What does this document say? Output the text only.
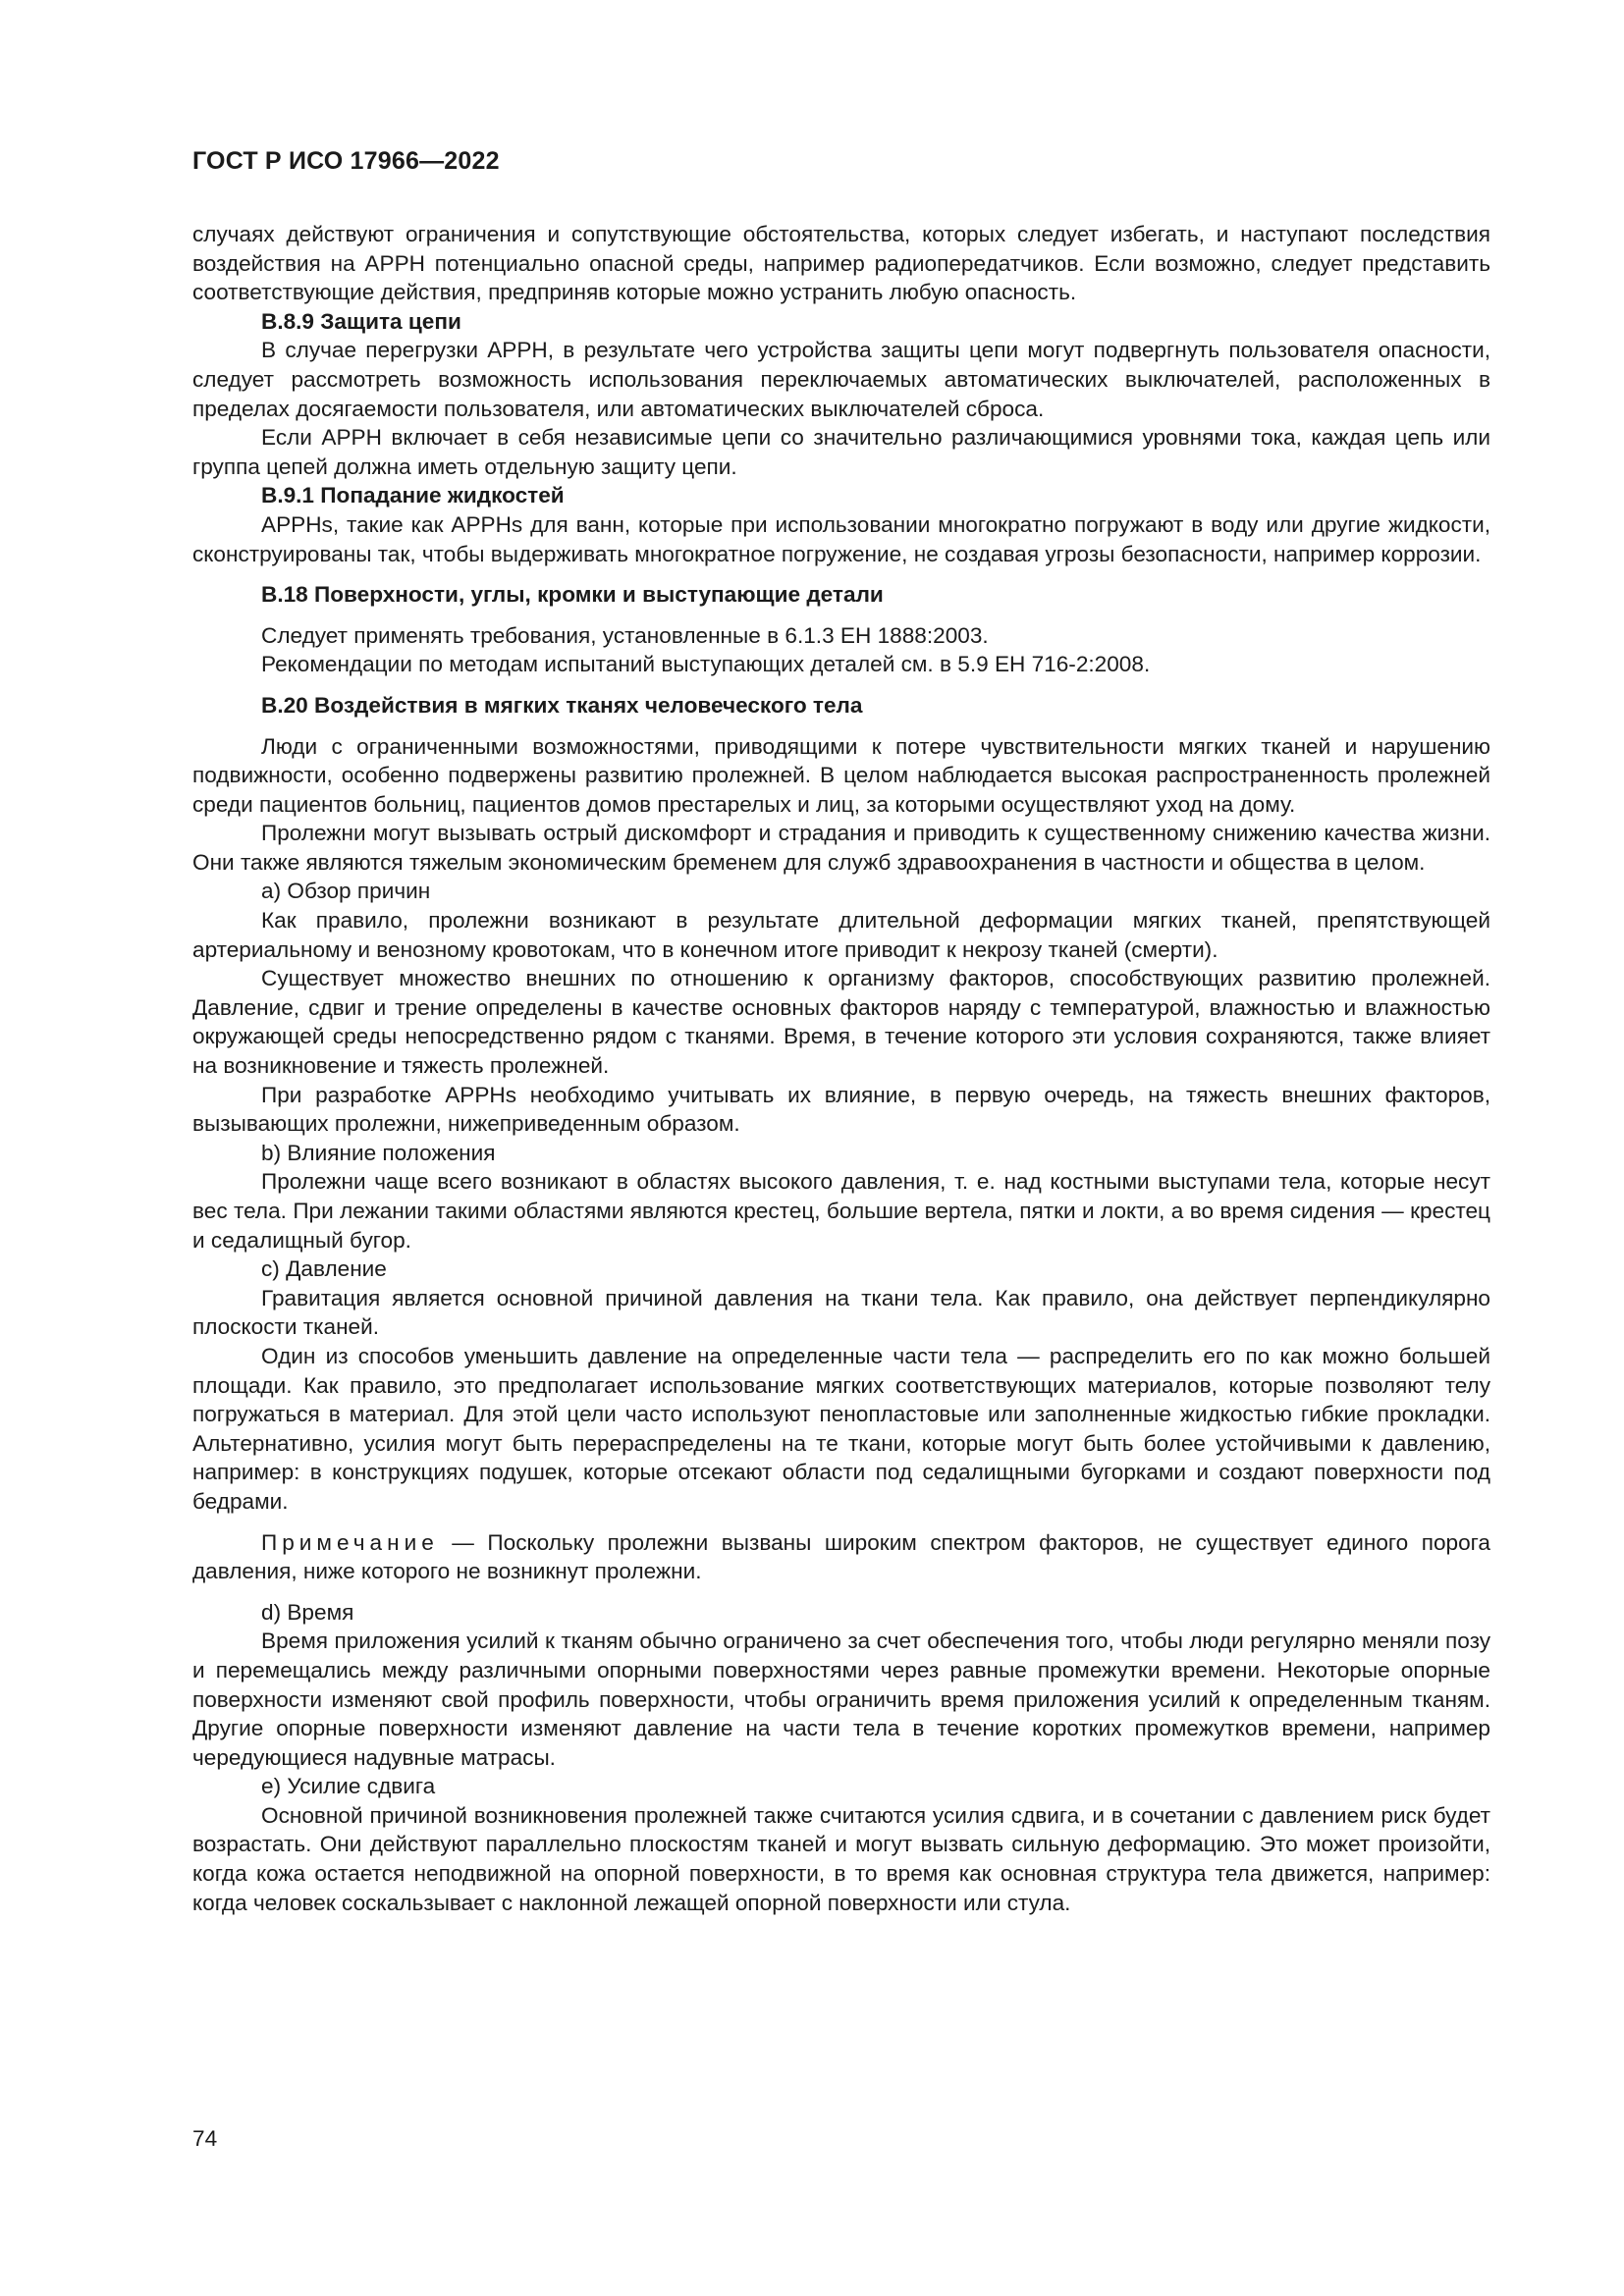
ГОСТ Р ИСО 17966—2022

случаях действуют ограничения и сопутствующие обстоятельства, которых следует избегать, и наступают последствия воздействия на APPH потенциально опасной среды, например радиопередатчиков. Если возможно, следует представить соответствующие действия, предприняв которые можно устранить любую опасность.

B.8.9 Защита цепи

В случае перегрузки APPH, в результате чего устройства защиты цепи могут подвергнуть пользователя опасности, следует рассмотреть возможность использования переключаемых автоматических выключателей, расположенных в пределах досягаемости пользователя, или автоматических выключателей сброса.

Если APPH включает в себя независимые цепи со значительно различающимися уровнями тока, каждая цепь или группа цепей должна иметь отдельную защиту цепи.

B.9.1 Попадание жидкостей

APPHs, такие как APPHs для ванн, которые при использовании многократно погружают в воду или другие жидкости, сконструированы так, чтобы выдерживать многократное погружение, не создавая угрозы безопасности, например коррозии.

B.18 Поверхности, углы, кромки и выступающие детали

Следует применять требования, установленные в 6.1.3 ЕН 1888:2003.

Рекомендации по методам испытаний выступающих деталей см. в 5.9 ЕН 716-2:2008.

B.20 Воздействия в мягких тканях человеческого тела

Люди с ограниченными возможностями, приводящими к потере чувствительности мягких тканей и нарушению подвижности, особенно подвержены развитию пролежней. В целом наблюдается высокая распространенность пролежней среди пациентов больниц, пациентов домов престарелых и лиц, за которыми осуществляют уход на дому.

Пролежни могут вызывать острый дискомфорт и страдания и приводить к существенному снижению качества жизни. Они также являются тяжелым экономическим бременем для служб здравоохранения в частности и общества в целом.

a) Обзор причин

Как правило, пролежни возникают в результате длительной деформации мягких тканей, препятствующей артериальному и венозному кровотокам, что в конечном итоге приводит к некрозу тканей (смерти).

Существует множество внешних по отношению к организму факторов, способствующих развитию пролежней. Давление, сдвиг и трение определены в качестве основных факторов наряду с температурой, влажностью и влажностью окружающей среды непосредственно рядом с тканями. Время, в течение которого эти условия сохраняются, также влияет на возникновение и тяжесть пролежней.

При разработке APPHs необходимо учитывать их влияние, в первую очередь, на тяжесть внешних факторов, вызывающих пролежни, нижеприведенным образом.

b) Влияние положения

Пролежни чаще всего возникают в областях высокого давления, т. е. над костными выступами тела, которые несут вес тела. При лежании такими областями являются крестец, большие вертела, пятки и локти, а во время сидения — крестец и седалищный бугор.

c) Давление

Гравитация является основной причиной давления на ткани тела. Как правило, она действует перпендикулярно плоскости тканей.

Один из способов уменьшить давление на определенные части тела — распределить его по как можно большей площади. Как правило, это предполагает использование мягких соответствующих материалов, которые позволяют телу погружаться в материал. Для этой цели часто используют пенопластовые или заполненные жидкостью гибкие прокладки. Альтернативно, усилия могут быть перераспределены на те ткани, которые могут быть более устойчивыми к давлению, например: в конструкциях подушек, которые отсекают области под седалищными бугорками и создают поверхности под бедрами.

Примечание — Поскольку пролежни вызваны широким спектром факторов, не существует единого порога давления, ниже которого не возникнут пролежни.

d) Время

Время приложения усилий к тканям обычно ограничено за счет обеспечения того, чтобы люди регулярно меняли позу и перемещались между различными опорными поверхностями через равные промежутки времени. Некоторые опорные поверхности изменяют свой профиль поверхности, чтобы ограничить время приложения усилий к определенным тканям. Другие опорные поверхности изменяют давление на части тела в течение коротких промежутков времени, например чередующиеся надувные матрасы.

e) Усилие сдвига

Основной причиной возникновения пролежней также считаются усилия сдвига, и в сочетании с давлением риск будет возрастать. Они действуют параллельно плоскостям тканей и могут вызвать сильную деформацию. Это может произойти, когда кожа остается неподвижной на опорной поверхности, в то время как основная структура тела движется, например: когда человек соскальзывает с наклонной лежащей опорной поверхности или стула.

74
